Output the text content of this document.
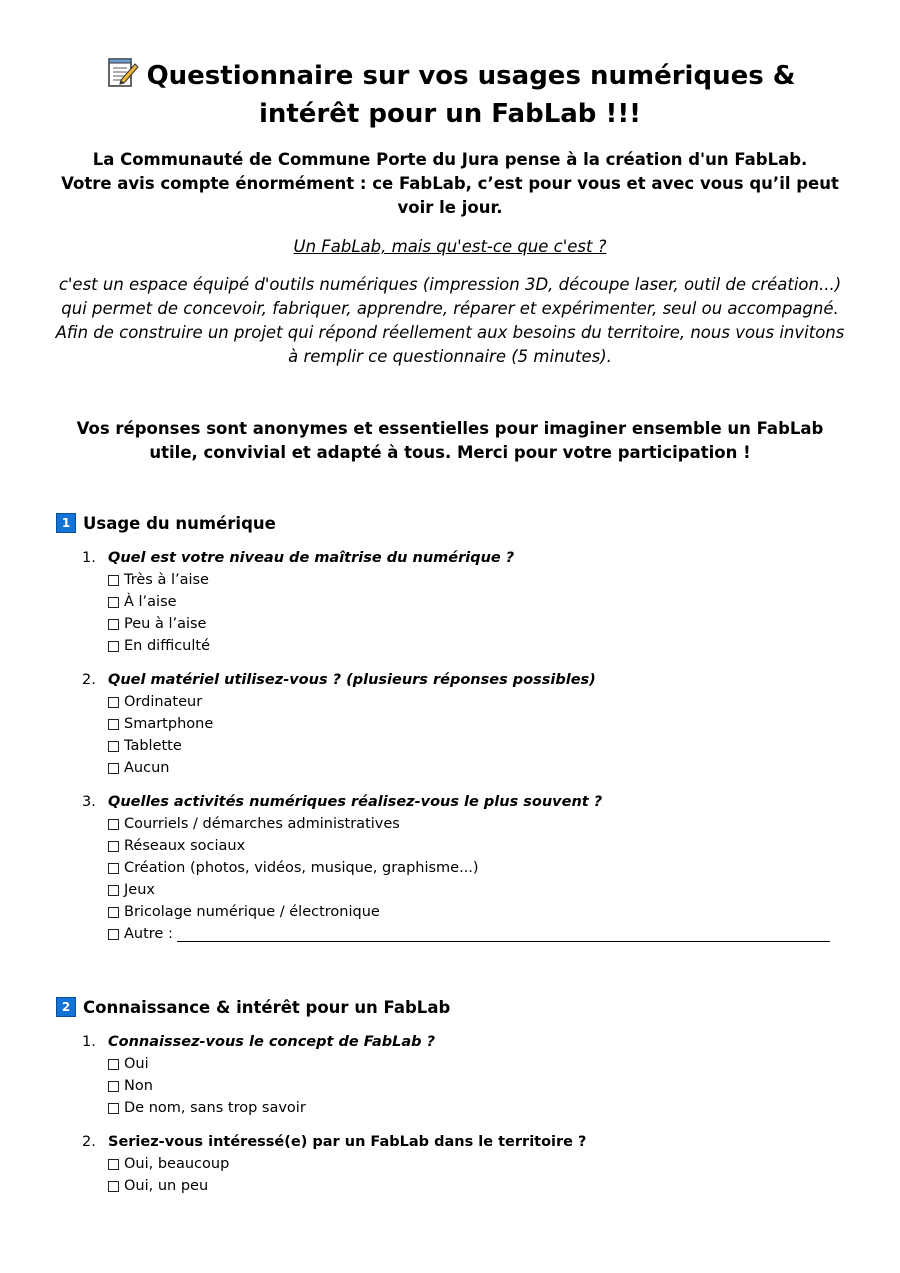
Questionnaire sur vos usages numériques & intérêt pour un FabLab !!!

La Communauté de Commune Porte du Jura pense à la création d'un FabLab.

Votre avis compte énormément : ce FabLab, c’est pour vous et avec vous qu’il peut voir le jour.

Un FabLab, mais qu'est-ce que c'est ?

c'est un espace équipé d'outils numériques (impression 3D, découpe laser, outil de création...) qui permet de concevoir, fabriquer, apprendre, réparer et expérimenter, seul ou accompagné.

Afin de construire un projet qui répond réellement aux besoins du territoire, nous vous invitons à remplir ce questionnaire (5 minutes).

Vos réponses sont anonymes et essentielles pour imaginer ensemble un FabLab utile, convivial et adapté à tous. Merci pour votre participation !

1 Usage du numérique

1. Quel est votre niveau de maîtrise du numérique ?

Très à l’aise
À l’aise
Peu à l’aise
En difficulté

2. Quel matériel utilisez-vous ? (plusieurs réponses possibles)

Ordinateur
Smartphone
Tablette
Aucun

3. Quelles activités numériques réalisez-vous le plus souvent ?

Courriels / démarches administratives
Réseaux sociaux
Création (photos, vidéos, musique, graphisme...)
Jeux
Bricolage numérique / électronique
Autre :
2 Connaissance & intérêt pour un FabLab

1. Connaissez-vous le concept de FabLab ?

Oui
Non
De nom, sans trop savoir

2. Seriez-vous intéressé(e) par un FabLab dans le territoire ?

Oui, beaucoup
Oui, un peu
